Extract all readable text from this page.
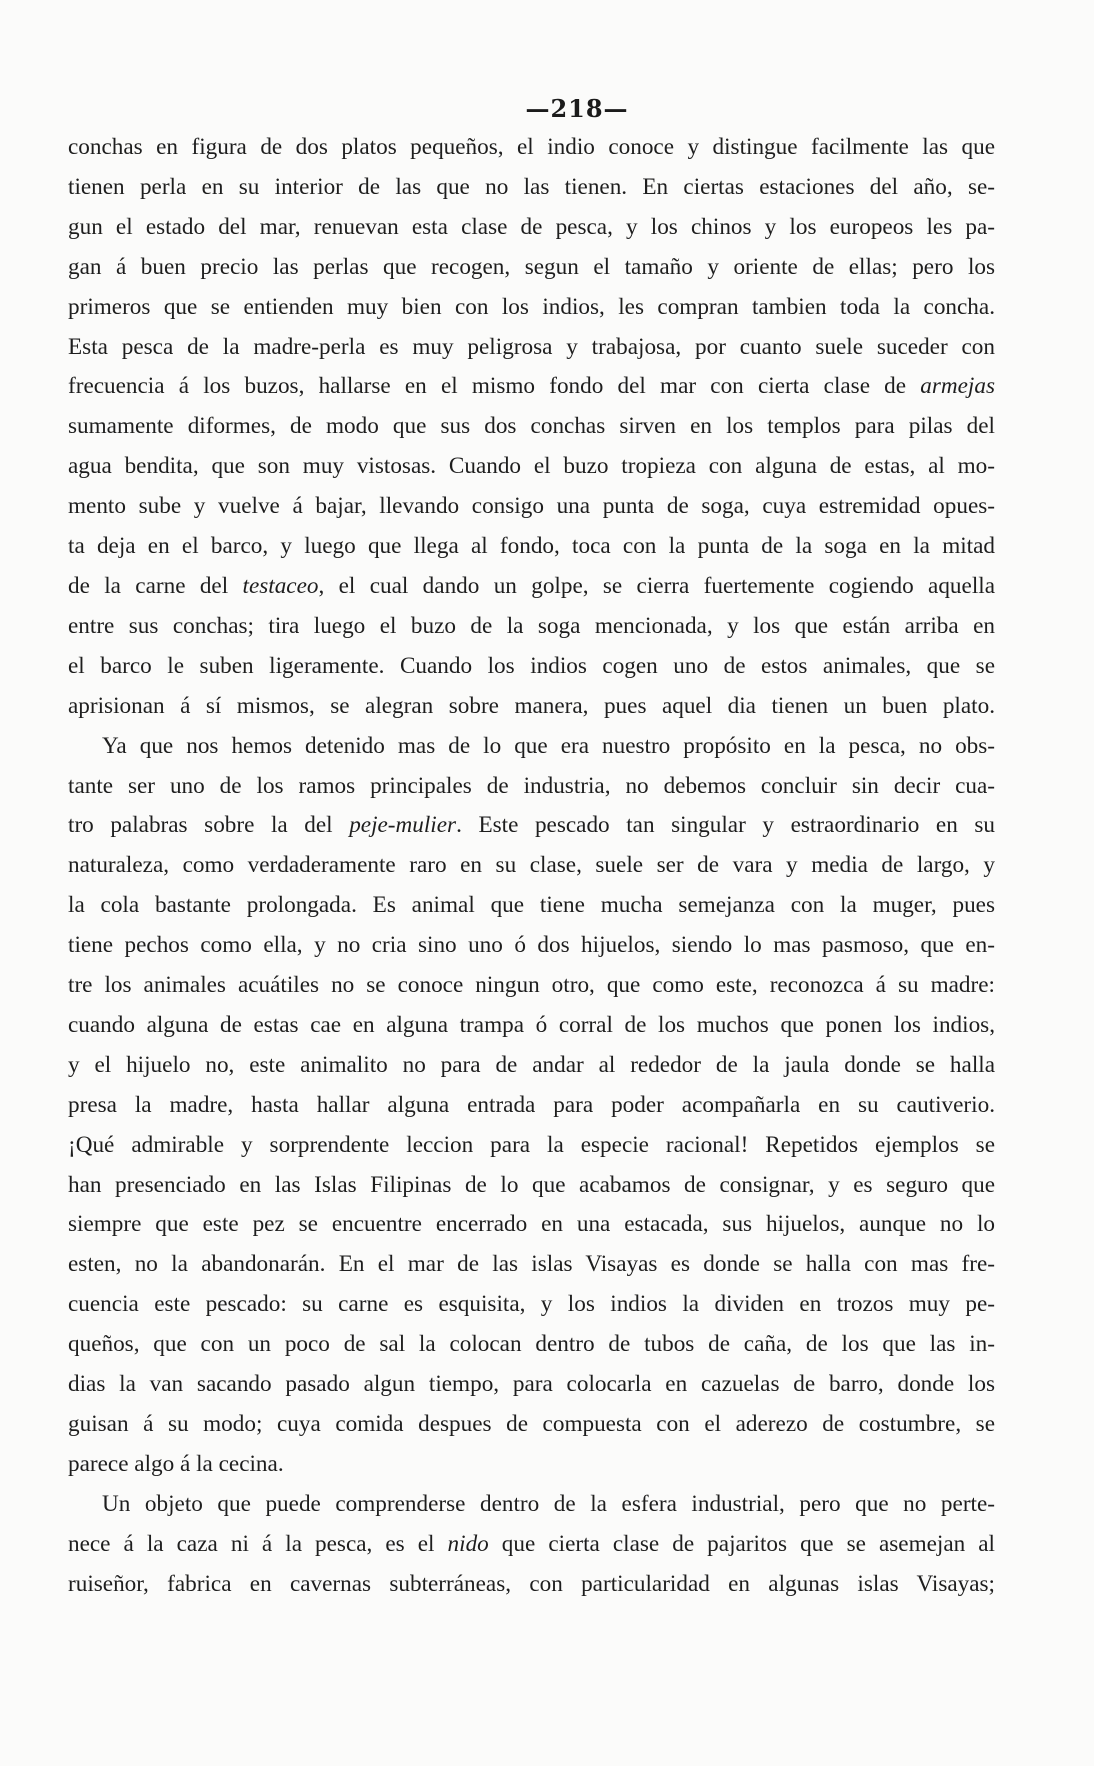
—218—
conchas en figura de dos platos pequeños, el indio conoce y distingue facilmente las que
tienen perla en su interior de las que no las tienen. En ciertas estaciones del año, se-
gun el estado del mar, renuevan esta clase de pesca, y los chinos y los europeos les pa-
gan á buen precio las perlas que recogen, segun el tamaño y oriente de ellas; pero los
primeros que se entienden muy bien con los indios, les compran tambien toda la concha.
Esta pesca de la madre-perla es muy peligrosa y trabajosa, por cuanto suele suceder con
frecuencia á los buzos, hallarse en el mismo fondo del mar con cierta clase de armejas
sumamente diformes, de modo que sus dos conchas sirven en los templos para pilas del
agua bendita, que son muy vistosas. Cuando el buzo tropieza con alguna de estas, al mo-
mento sube y vuelve á bajar, llevando consigo una punta de soga, cuya estremidad opues-
ta deja en el barco, y luego que llega al fondo, toca con la punta de la soga en la mitad
de la carne del testaceo, el cual dando un golpe, se cierra fuertemente cogiendo aquella
entre sus conchas; tira luego el buzo de la soga mencionada, y los que están arriba en
el barco le suben ligeramente. Cuando los indios cogen uno de estos animales, que se
aprisionan á sí mismos, se alegran sobre manera, pues aquel dia tienen un buen plato.
Ya que nos hemos detenido mas de lo que era nuestro propósito en la pesca, no obs-
tante ser uno de los ramos principales de industria, no debemos concluir sin decir cua-
tro palabras sobre la del peje-mulier. Este pescado tan singular y estraordinario en su
naturaleza, como verdaderamente raro en su clase, suele ser de vara y media de largo, y
la cola bastante prolongada. Es animal que tiene mucha semejanza con la muger, pues
tiene pechos como ella, y no cria sino uno ó dos hijuelos, siendo lo mas pasmoso, que en-
tre los animales acuátiles no se conoce ningun otro, que como este, reconozca á su madre:
cuando alguna de estas cae en alguna trampa ó corral de los muchos que ponen los indios,
y el hijuelo no, este animalito no para de andar al rededor de la jaula donde se halla
presa la madre, hasta hallar alguna entrada para poder acompañarla en su cautiverio.
¡Qué admirable y sorprendente leccion para la especie racional! Repetidos ejemplos se
han presenciado en las Islas Filipinas de lo que acabamos de consignar, y es seguro que
siempre que este pez se encuentre encerrado en una estacada, sus hijuelos, aunque no lo
esten, no la abandonarán. En el mar de las islas Visayas es donde se halla con mas fre-
cuencia este pescado: su carne es esquisita, y los indios la dividen en trozos muy pe-
queños, que con un poco de sal la colocan dentro de tubos de caña, de los que las in-
dias la van sacando pasado algun tiempo, para colocarla en cazuelas de barro, donde los
guisan á su modo; cuya comida despues de compuesta con el aderezo de costumbre, se
parece algo á la cecina.
Un objeto que puede comprenderse dentro de la esfera industrial, pero que no perte-
nece á la caza ni á la pesca, es el nido que cierta clase de pajaritos que se asemejan al
ruiseñor, fabrica en cavernas subterráneas, con particularidad en algunas islas Visayas;
